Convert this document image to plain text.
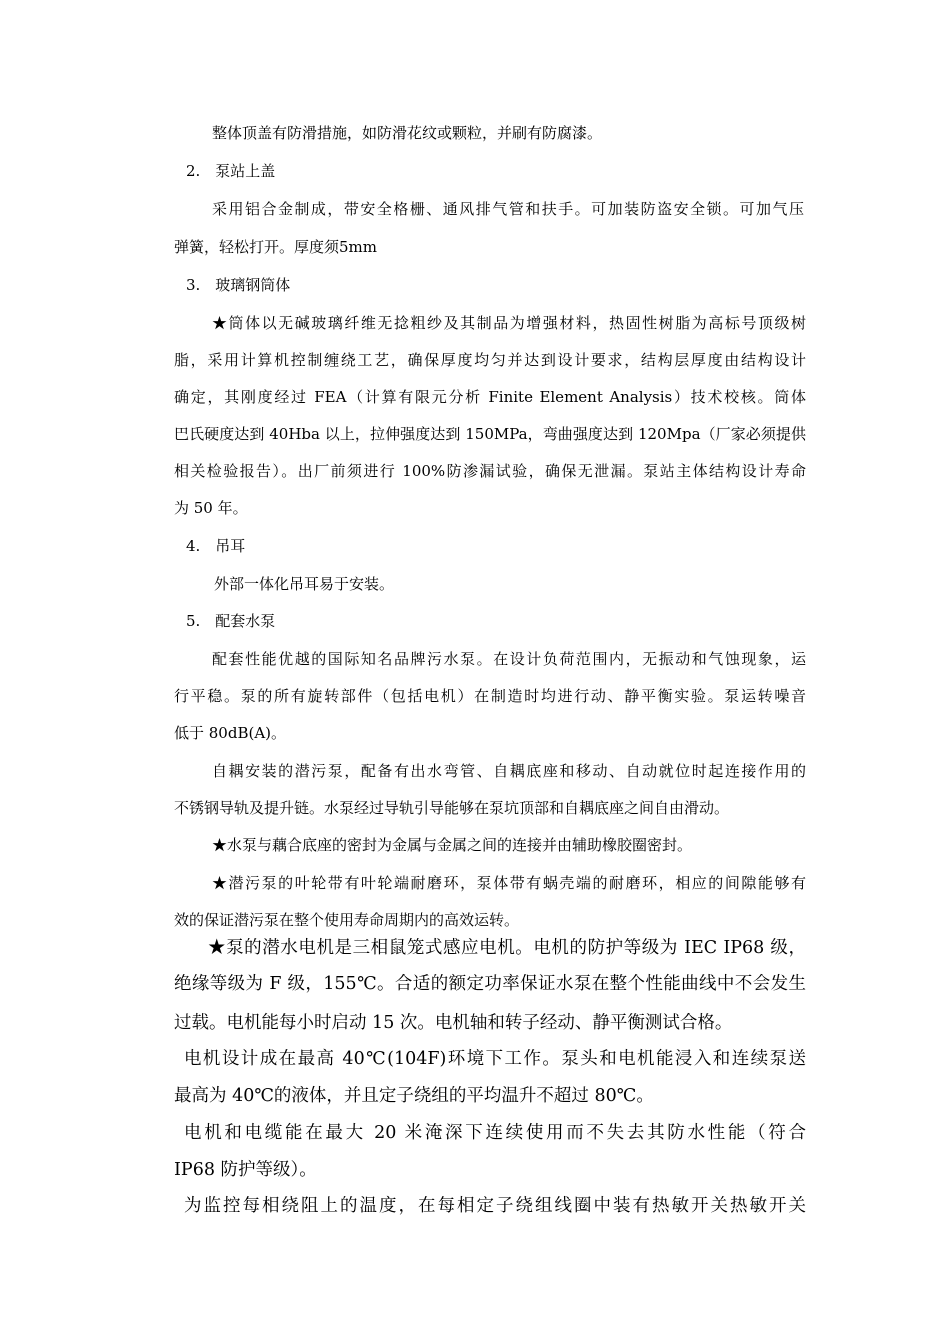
整体顶盖有防滑措施，如防滑花纹或颗粒，并刷有防腐漆。

2.　泵站上盖

采用铝合金制成，带安全格栅、通风排气管和扶手。可加装防盗安全锁。可加气压

弹簧，轻松打开。厚度须5mm

3.　玻璃钢筒体

★筒体以无碱玻璃纤维无捻粗纱及其制品为增强材料，热固性树脂为高标号顶级树

脂，采用计算机控制缠绕工艺，确保厚度均匀并达到设计要求，结构层厚度由结构设计

确定，其刚度经过 FEA（计算有限元分析 Finite Element Analysis）技术校核。筒体

巴氏硬度达到 40Hba 以上，拉伸强度达到 150MPa，弯曲强度达到 120Mpa（厂家必须提供

相关检验报告）。出厂前须进行 100%防渗漏试验，确保无泄漏。泵站主体结构设计寿命

为 50 年。

4.　吊耳

外部一体化吊耳易于安装。

5.　配套水泵

配套性能优越的国际知名品牌污水泵。在设计负荷范围内，无振动和气蚀现象，运

行平稳。泵的所有旋转部件（包括电机）在制造时均进行动、静平衡实验。泵运转噪音

低于 80dB(A)。

自耦安装的潜污泵，配备有出水弯管、自耦底座和移动、自动就位时起连接作用的

不锈钢导轨及提升链。水泵经过导轨引导能够在泵坑顶部和自耦底座之间自由滑动。

★水泵与藕合底座的密封为金属与金属之间的连接并由辅助橡胶圈密封。

★潜污泵的叶轮带有叶轮端耐磨环，泵体带有蜗壳端的耐磨环，相应的间隙能够有

效的保证潜污泵在整个使用寿命周期内的高效运转。

★泵的潜水电机是三相鼠笼式感应电机。电机的防护等级为 IEC IP68 级，

绝缘等级为 F 级，155℃。合适的额定功率保证水泵在整个性能曲线中不会发生

过载。电机能每小时启动 15 次。电机轴和转子经动、静平衡测试合格。

电机设计成在最高 40℃(104F)环境下工作。泵头和电机能浸入和连续泵送

最高为 40℃的液体，并且定子绕组的平均温升不超过 80℃。

电机和电缆能在最大 20 米淹深下连续使用而不失去其防水性能（符合

IP68 防护等级）。

为监控每相绕阻上的温度，在每相定子绕组线圈中装有热敏开关热敏开关
